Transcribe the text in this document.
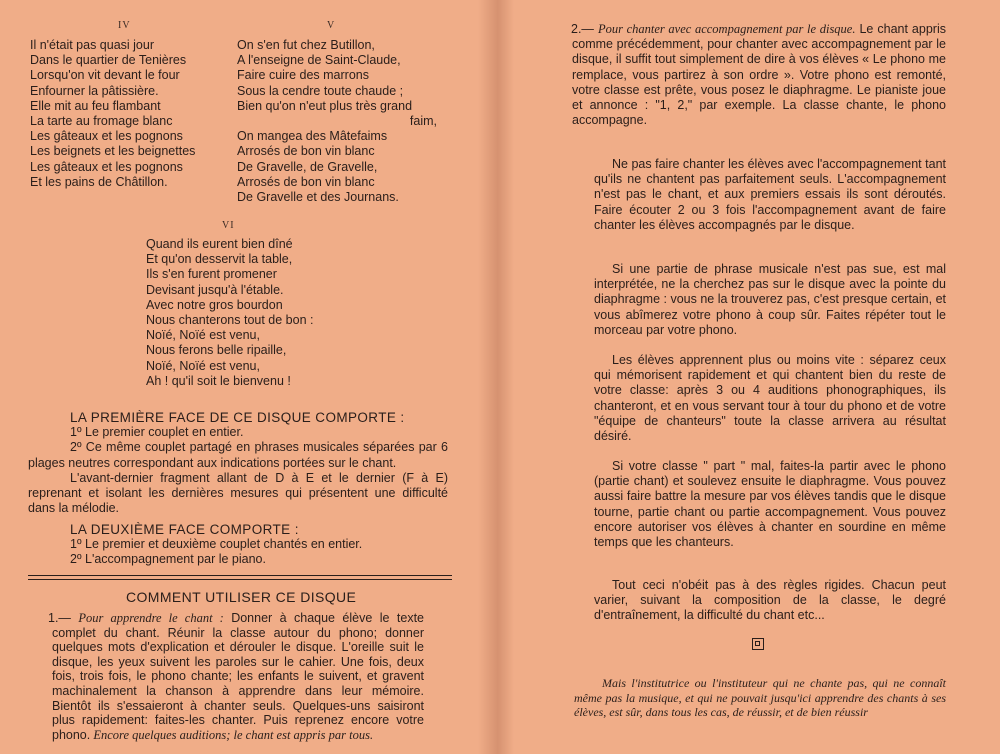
IV	V
Il n'était pas quasi jour
Dans le quartier de Tenières
Lorsqu'on vit devant le four
Enfourner la pâtissière.
Elle mit au feu flambant
La tarte au fromage blanc
Les gâteaux et les pognons
Les beignets et les beignettes
Les gâteaux et les pognons
Et les pains de Châtillon.
On s'en fut chez Butillon,
A l'enseigne de Saint-Claude,
Faire cuire des marrons
Sous la cendre toute chaude ;
Bien qu'on n'eut plus très grand
faim,
On mangea des Mâtefaims
Arrosés de bon vin blanc
De Gravelle, de Gravelle,
Arrosés de bon vin blanc
De Gravelle et des Journans.
VI
Quand ils eurent bien dîné
Et qu'on desservit la table,
Ils s'en furent promener
Devisant jusqu'à l'étable.
Avec notre gros bourdon
Nous chanterons tout de bon :
Noïé, Noïé est venu,
Nous ferons belle ripaille,
Noïé, Noïé est venu,
Ah ! qu'il soit le bienvenu !
LA PREMIÈRE FACE DE CE DISQUE COMPORTE :
1º Le premier couplet en entier.
2º Ce même couplet partagé en phrases musicales séparées par 6 plages neutres correspondant aux indications portées sur le chant.
L'avant-dernier fragment allant de D à E et le dernier (F à E) reprenant et isolant les dernières mesures qui présentent une difficulté dans la mélodie.
LA DEUXIÈME FACE COMPORTE :
1º Le premier et deuxième couplet chantés en entier.
2º L'accompagnement par le piano.
COMMENT UTILISER CE DISQUE
1.— Pour apprendre le chant : Donner à chaque élève le texte complet du chant. Réunir la classe autour du phono; donner quelques mots d'explication et dérouler le disque. L'oreille suit le disque, les yeux suivent les paroles sur le cahier. Une fois, deux fois, trois fois, le phono chante; les enfants le suivent, et gravent machinalement la chanson à apprendre dans leur mémoire. Bientôt ils s'essaieront à chanter seuls. Quelques-uns saisiront plus rapidement: faites-les chanter. Puis reprenez encore votre phono. Encore quelques auditions; le chant est appris par tous.
2.— Pour chanter avec accompagnement par le disque. Le chant appris comme précédemment, pour chanter avec accompagnement par le disque, il suffit tout simplement de dire à vos élèves « Le phono me remplace, vous partirez à son ordre ». Votre phono est remonté, votre classe est prête, vous posez le diaphragme. Le pianiste joue et annonce : "1, 2," par exemple. La classe chante, le phono accompagne.
Ne pas faire chanter les élèves avec l'accompagnement tant qu'ils ne chantent pas parfaitement seuls. L'accompagnement n'est pas le chant, et aux premiers essais ils sont déroutés. Faire écouter 2 ou 3 fois l'accompagnement avant de faire chanter les élèves accompagnés par le disque.
Si une partie de phrase musicale n'est pas sue, est mal interprétée, ne la cherchez pas sur le disque avec la pointe du diaphragme : vous ne la trouverez pas, c'est presque certain, et vous abîmerez votre phono à coup sûr. Faites répéter tout le morceau par votre phono.
Les élèves apprennent plus ou moins vite : séparez ceux qui mémorisent rapidement et qui chantent bien du reste de votre classe: après 3 ou 4 auditions phonographiques, ils chanteront, et en vous servant tour à tour du phono et de votre "équipe de chanteurs" toute la classe arrivera au résultat désiré.
Si votre classe " part " mal, faites-la partir avec le phono (partie chant) et soulevez ensuite le diaphragme. Vous pouvez aussi faire battre la mesure par vos élèves tandis que le disque tourne, partie chant ou partie accompagnement. Vous pouvez encore autoriser vos élèves à chanter en sourdine en même temps que les chanteurs.
Tout ceci n'obéit pas à des règles rigides. Chacun peut varier, suivant la composition de la classe, le degré d'entraînement, la difficulté du chant etc...
Mais l'institutrice ou l'instituteur qui ne chante pas, qui ne connaît même pas la musique, et qui ne pouvait jusqu'ici apprendre des chants à ses élèves, est sûr, dans tous les cas, de réussir, et de bien réussir
